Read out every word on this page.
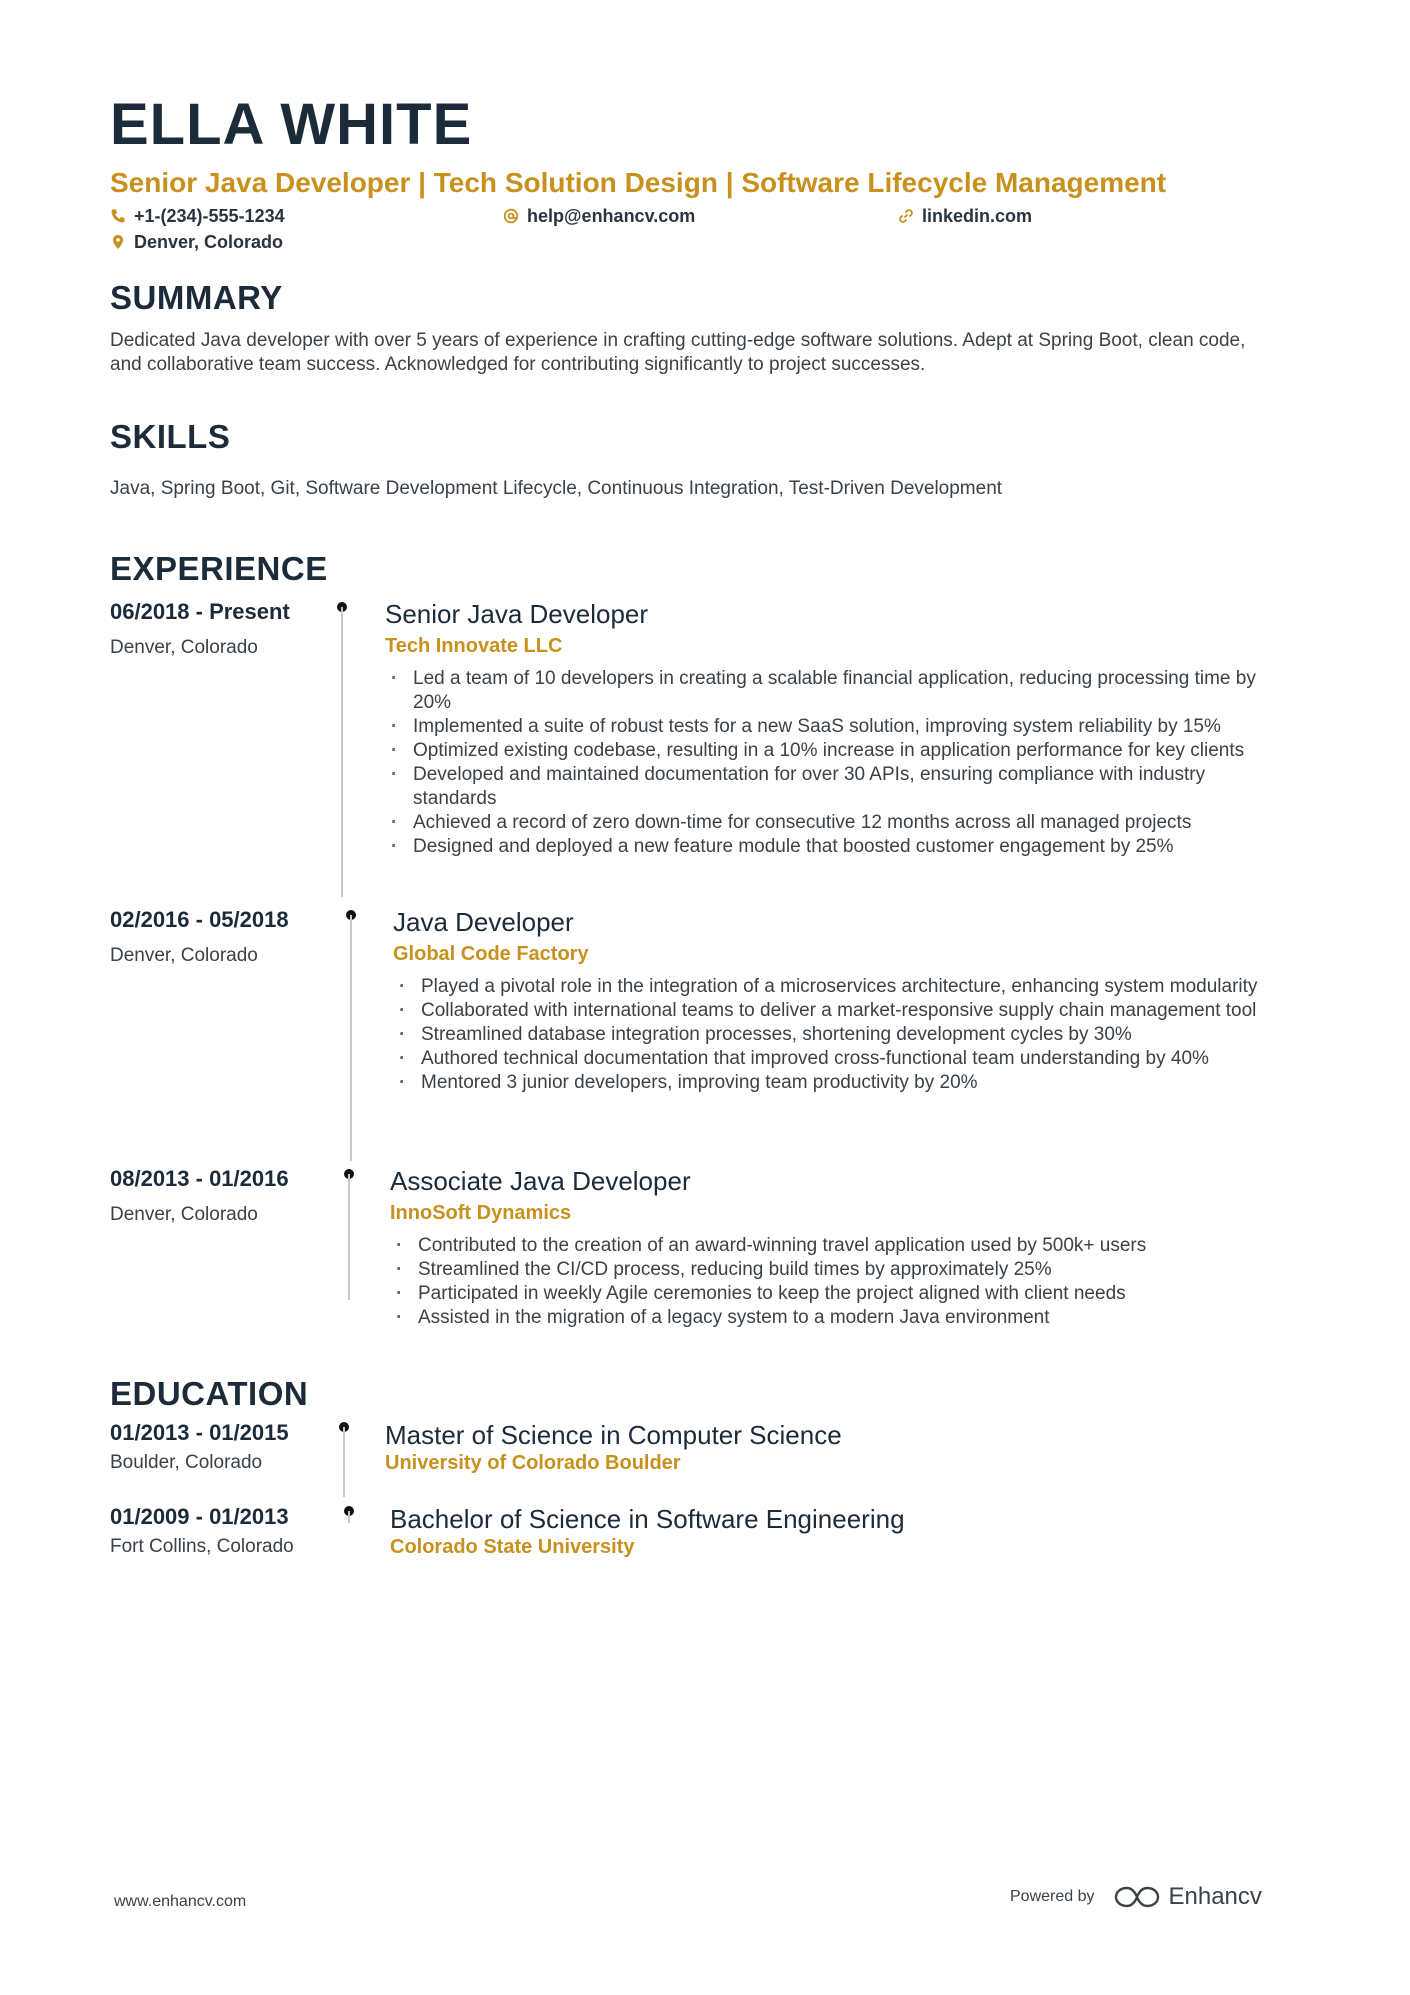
ELLA WHITE
Senior Java Developer | Tech Solution Design | Software Lifecycle Management
+1-(234)-555-1234	help@enhancv.com	linkedin.com
Denver, Colorado
SUMMARY
Dedicated Java developer with over 5 years of experience in crafting cutting-edge software solutions. Adept at Spring Boot, clean code, and collaborative team success. Acknowledged for contributing significantly to project successes.
SKILLS
Java, Spring Boot, Git, Software Development Lifecycle, Continuous Integration, Test-Driven Development
EXPERIENCE
06/2018 - Present
Denver, Colorado
Senior Java Developer
Tech Innovate LLC
· Led a team of 10 developers in creating a scalable financial application, reducing processing time by 20%
· Implemented a suite of robust tests for a new SaaS solution, improving system reliability by 15%
· Optimized existing codebase, resulting in a 10% increase in application performance for key clients
· Developed and maintained documentation for over 30 APIs, ensuring compliance with industry standards
· Achieved a record of zero down-time for consecutive 12 months across all managed projects
· Designed and deployed a new feature module that boosted customer engagement by 25%
02/2016 - 05/2018
Denver, Colorado
Java Developer
Global Code Factory
· Played a pivotal role in the integration of a microservices architecture, enhancing system modularity
· Collaborated with international teams to deliver a market-responsive supply chain management tool
· Streamlined database integration processes, shortening development cycles by 30%
· Authored technical documentation that improved cross-functional team understanding by 40%
· Mentored 3 junior developers, improving team productivity by 20%
08/2013 - 01/2016
Denver, Colorado
Associate Java Developer
InnoSoft Dynamics
· Contributed to the creation of an award-winning travel application used by 500k+ users
· Streamlined the CI/CD process, reducing build times by approximately 25%
· Participated in weekly Agile ceremonies to keep the project aligned with client needs
· Assisted in the migration of a legacy system to a modern Java environment
EDUCATION
01/2013 - 01/2015
Boulder, Colorado
Master of Science in Computer Science
University of Colorado Boulder
01/2009 - 01/2013
Fort Collins, Colorado
Bachelor of Science in Software Engineering
Colorado State University
www.enhancv.com	Powered by	Enhancv
